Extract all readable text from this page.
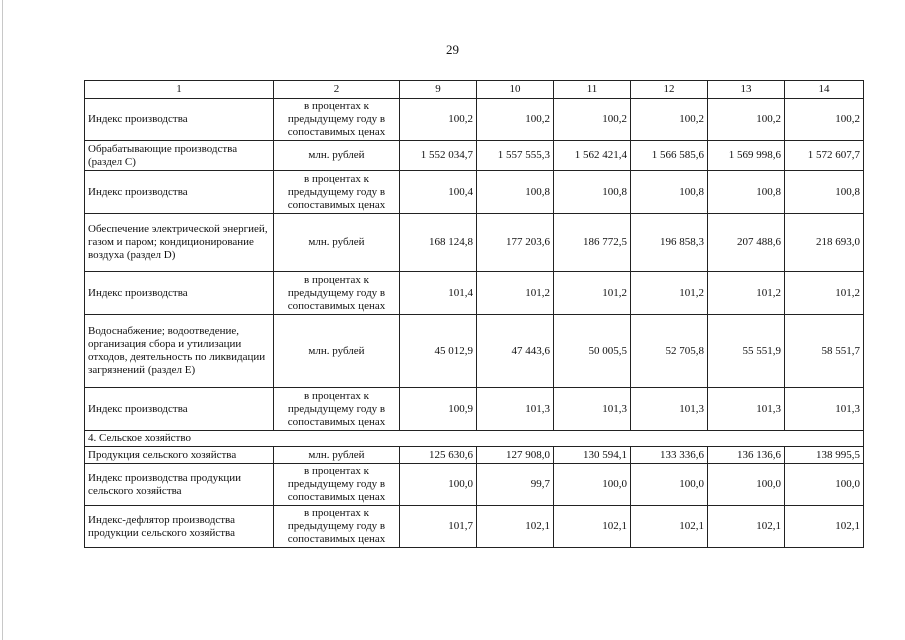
29
1	2	9	10	11	12	13	14
Индекс производства	в процентах к предыдущему году в сопоставимых ценах	100,2	100,2	100,2	100,2	100,2	100,2
Обрабатывающие производства (раздел С)	млн. рублей	1 552 034,7	1 557 555,3	1 562 421,4	1 566 585,6	1 569 998,6	1 572 607,7
Индекс производства	в процентах к предыдущему году в сопоставимых ценах	100,4	100,8	100,8	100,8	100,8	100,8
Обеспечение электрической энергией, газом и паром; кондиционирование воздуха (раздел D)	млн. рублей	168 124,8	177 203,6	186 772,5	196 858,3	207 488,6	218 693,0
Индекс производства	в процентах к предыдущему году в сопоставимых ценах	101,4	101,2	101,2	101,2	101,2	101,2
Водоснабжение; водоотведение, организация сбора и утилизации отходов, деятельность по ликвидации загрязнений (раздел E)	млн. рублей	45 012,9	47 443,6	50 005,5	52 705,8	55 551,9	58 551,7
Индекс производства	в процентах к предыдущему году в сопоставимых ценах	100,9	101,3	101,3	101,3	101,3	101,3
4. Сельское хозяйство							
Продукция сельского хозяйства	млн. рублей	125 630,6	127 908,0	130 594,1	133 336,6	136 136,6	138 995,5
Индекс производства продукции сельского хозяйства	в процентах к предыдущему году в сопоставимых ценах	100,0	99,7	100,0	100,0	100,0	100,0
Индекс-дефлятор производства продукции сельского хозяйства	в процентах к предыдущему году в сопоставимых ценах	101,7	102,1	102,1	102,1	102,1	102,1
